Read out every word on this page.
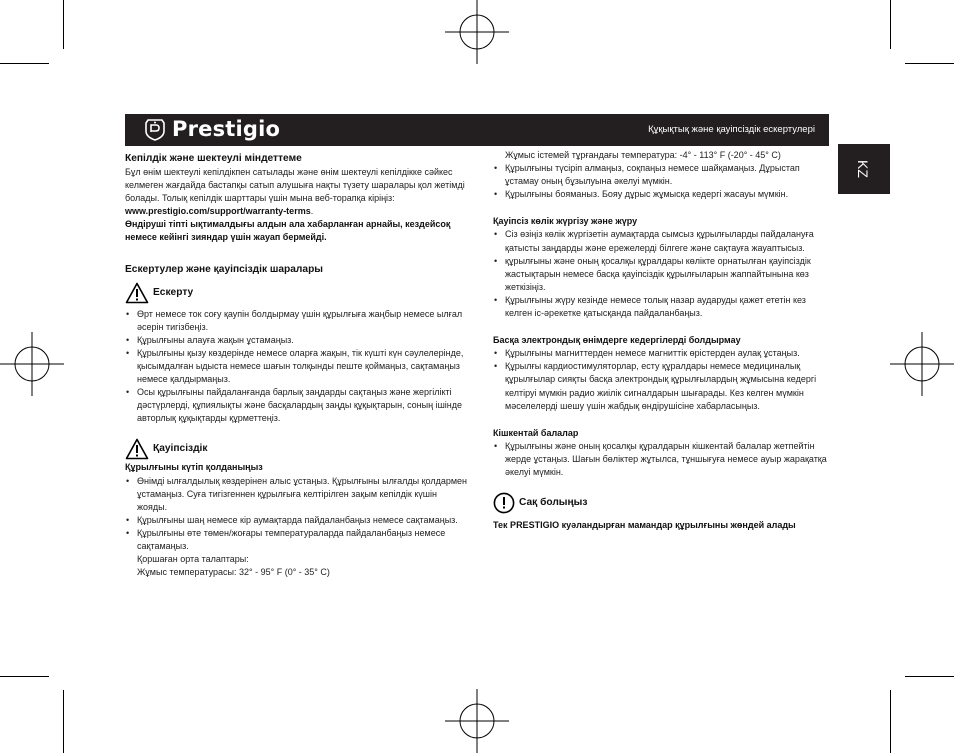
Prestigio	Құқықтық және қауіпсіздік ескертулері
KZ
Кепілдік және шектеулі міндеттеме

Бұл өнім шектеулі кепілдікпен сатылады және өнім шектеулі кепілдікке сәйкес келмеген жағдайда бастапқы сатып алушыға нақты түзету шаралары қол жетімді болады. Толық кепілдік шарттары үшін мына веб-торапқа кіріңіз:

www.prestigio.com/support/warranty-terms.

Өндіруші тіпті ықтималдығы алдын ала хабарланған арнайы, кездейсоқ немесе кейінгі зияндар үшін жауап бермейді.

Ескертулер және қауіпсіздік шаралары
Ескерту
• Өрт немесе ток соғу қаупін болдырмау үшін құрылғыға жаңбыр немесе ылғал әсерін тигізбеңіз.
• Құрылғыны алауға жақын ұстамаңыз.
• Құрылғыны қызу көздерінде немесе оларға жақын, тік күшті күн сәулелерінде, қысымдалған ыдыста немесе шағын толқынды пеште қоймаңыз, сақтамаңыз немесе қалдырмаңыз.
• Осы құрылғыны пайдаланғанда барлық заңдарды сақтаңыз және жергілікті дәстүрлерді, құпиялықты және басқалардың заңды құқықтарын, соның ішінде авторлық құқықтарды құрметтеңіз.
Қауіпсіздік

Құрылғыны күтіп қолданыңыз

• Өнімді ылғалдылық көздерінен алыс ұстаңыз. Құрылғыны ылғалды қолдармен ұстамаңыз. Суға тигізгеннен құрылғыға келтірілген зақым кепілдік күшін жояды.
• Құрылғыны шаң немесе кір аумақтарда пайдаланбаңыз немесе сақтамаңыз.
• Құрылғыны өте төмен/жоғары температураларда пайдаланбаңыз немесе сақтамаңыз.

Қоршаған орта талаптары:

Жұмыс температурасы: 32° - 95° F (0° - 35° C)

Жұмыс істемей тұрғандағы температура: -4° - 113° F (-20° - 45° C)

• Құрылғыны түсіріп алмаңыз, соқпаңыз немесе шайқамаңыз. Дұрыстап ұстамау оның бұзылуына әкелуі мүмкін.
• Құрылғыны бояманыз. Бояу дұрыс жұмысқа кедергі жасауы мүмкін.

Қауіпсіз көлік жүргізу және жүру

• Сіз өзіңіз көлік жүргізетін аумақтарда сымсыз құрылғыларды пайдалануға қатысты заңдарды және ережелерді білгеге және сақтауға жауаптысыз.
• құрылғыны және оның қосалқы құралдары көлікте орнатылған қауіпсіздік жастықтарын немесе басқа қауіпсіздік құрылғыларын жаппайтынына көз жеткізіңіз.
• Құрылғыны жүру кезінде немесе толық назар аударуды қажет ететін кез келген іс-әрекетке қатысқанда пайдаланбаңыз.

Басқа электрондық өнімдерге кедергілерді болдырмау

• Құрылғыны магниттерден немесе магниттік өрістерден аулақ ұстаңыз.
• Құрылғы кардиостимуляторлар, есту құралдары немесе медициналық құрылғылар сияқты басқа электрондық құрылғылардың жұмысына кедергі келтіруі мүмкін радио жиілік сигналдарын шығарады. Кез келген мүмкін мәселелерді шешу үшін жабдық өндірушісіне хабарласыңыз.

Кішкентай балалар

• Құрылғыны және оның қосалқы құралдарын кішкентай балалар жетпейтін жерде ұстаңыз. Шағын бөліктер жұтылса, тұншығуға немесе ауыр жарақатқа әкелуі мүмкін.
Сақ болыңыз

Тек PRESTIGIO куәландырған мамандар құрылғыны жөндей алады
